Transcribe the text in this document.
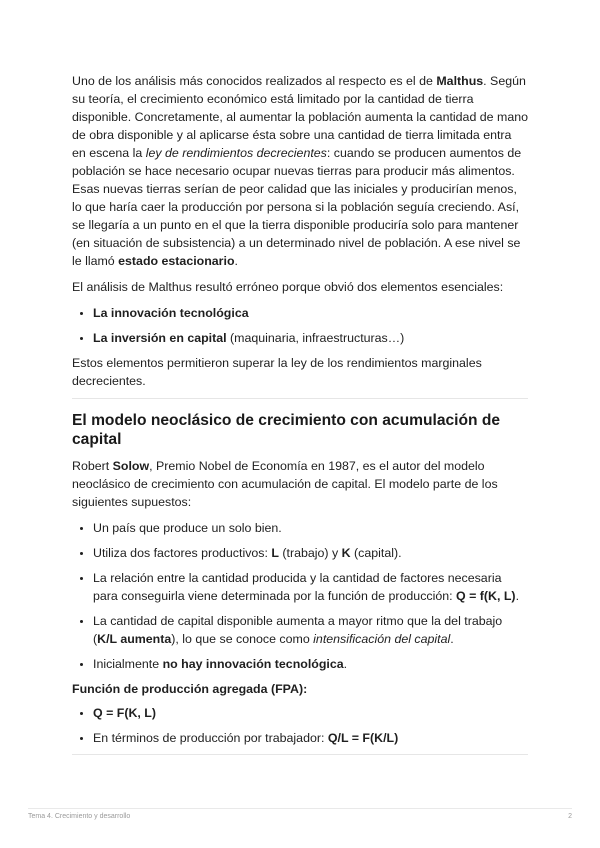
Uno de los análisis más conocidos realizados al respecto es el de Malthus. Según su teoría, el crecimiento económico está limitado por la cantidad de tierra disponible. Concretamente, al aumentar la población aumenta la cantidad de mano de obra disponible y al aplicarse ésta sobre una cantidad de tierra limitada entra en escena la ley de rendimientos decrecientes: cuando se producen aumentos de población se hace necesario ocupar nuevas tierras para producir más alimentos. Esas nuevas tierras serían de peor calidad que las iniciales y producirían menos, lo que haría caer la producción por persona si la población seguía creciendo. Así, se llegaría a un punto en el que la tierra disponible produciría solo para mantener (en situación de subsistencia) a un determinado nivel de población. A ese nivel se le llamó estado estacionario.

El análisis de Malthus resultó erróneo porque obvió dos elementos esenciales:

• La innovación tecnológica
• La inversión en capital (maquinaria, infraestructuras…)

Estos elementos permitieron superar la ley de los rendimientos marginales decrecientes.

El modelo neoclásico de crecimiento con acumulación de capital

Robert Solow, Premio Nobel de Economía en 1987, es el autor del modelo neoclásico de crecimiento con acumulación de capital. El modelo parte de los siguientes supuestos:

• Un país que produce un solo bien.
• Utiliza dos factores productivos: L (trabajo) y K (capital).
• La relación entre la cantidad producida y la cantidad de factores necesaria para conseguirla viene determinada por la función de producción: Q = f(K, L).
• La cantidad de capital disponible aumenta a mayor ritmo que la del trabajo (K/L aumenta), lo que se conoce como intensificación del capital.
• Inicialmente no hay innovación tecnológica.

Función de producción agregada (FPA):

• Q = F(K, L)
• En términos de producción por trabajador: Q/L = F(K/L)
Tema 4. Crecimiento y desarrollo	2
